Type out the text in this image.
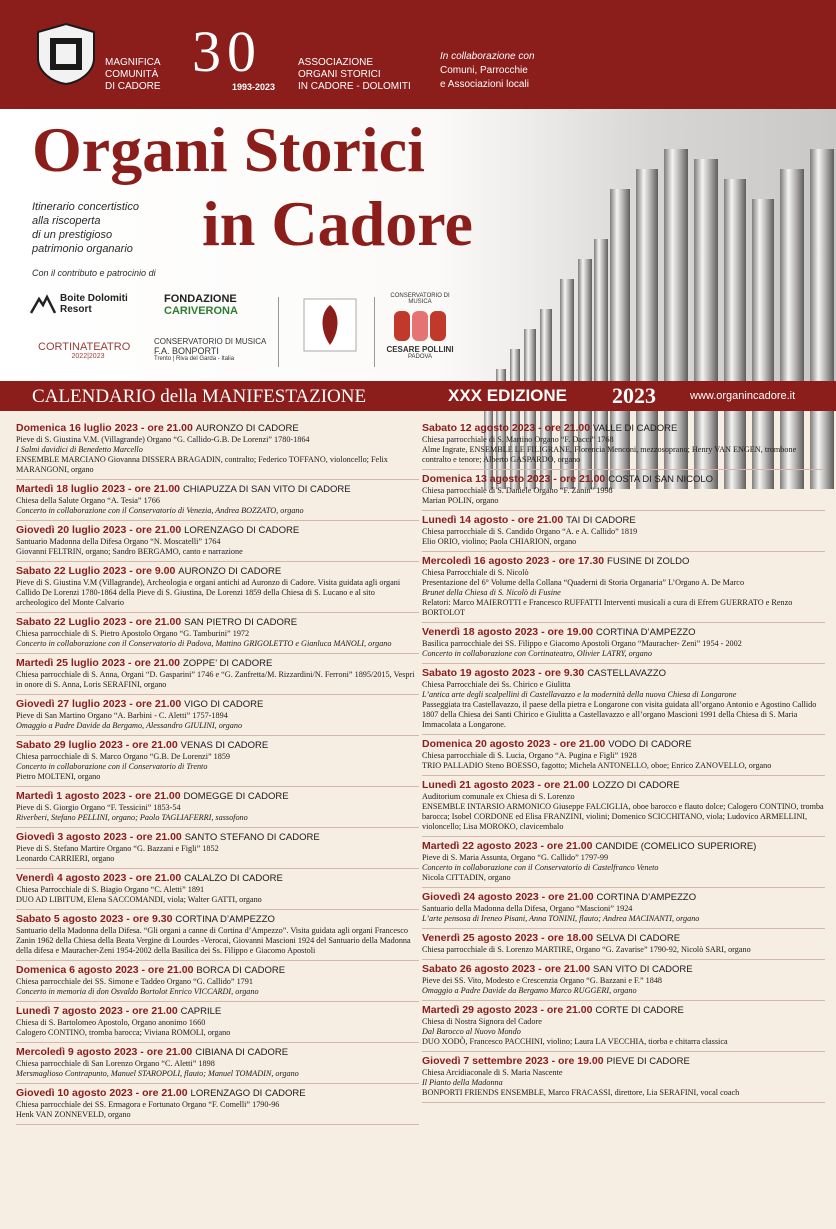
MAGNIFICA
COMUNITÀ
DI CADORE
30
1993-2023
ASSOCIAZIONE
ORGANI STORICI
IN CADORE - DOLOMITI
In collaborazione con
Comuni, Parrocchie
e Associazioni locali
Organi Storici
in Cadore
Itinerario concertistico
alla riscoperta
di un prestigioso
patrimonio organario
Con il contributo e patrocinio di
Boite Dolomiti
Resort
FONDAZIONE
CARIVERONA
CONSERVATORIO DI MUSICA
CESARE POLLINI
PADOVA
CORTINATEATRO
2022|2023
CONSERVATORIO DI MUSICA
F.A. BONPORTI
Trento | Riva del Garda - Italia
CALENDARIO della MANIFESTAZIONE	XXX EDIZIONE 2023	www.organincadore.it
Domenica 16 luglio 2023 - ore 21.00 AURONZO DI CADORE
Pieve di S. Giustina V.M. (Villagrande) Organo “G. Callido-G.B. De Lorenzi” 1780-1864
I Salmi davidici di Benedetto Marcello
ENSEMBLE MARCIANO Giovanna DISSERA BRAGADIN, contralto; Federico TOFFANO, violoncello; Felix MARANGONI, organo
Martedì 18 luglio 2023 - ore 21.00 CHIAPUZZA DI SAN VITO DI CADORE
Chiesa della Salute Organo “A. Tesia” 1766
Concerto in collaborazione con il Conservatorio di Venezia, Andrea BOZZATO, organo
Giovedì 20 luglio 2023 - ore 21.00 LORENZAGO DI CADORE
Santuario Madonna della Difesa Organo “N. Moscatelli” 1764
Giovanni FELTRIN, organo; Sandro BERGAMO, canto e narrazione
Sabato 22 Luglio 2023 - ore 9.00 AURONZO DI CADORE
Pieve di S. Giustina V.M (Villagrande), Archeologia e organi antichi ad Auronzo di Cadore. Visita guidata agli organi Callido De Lorenzi 1780-1864 della Pieve di S. Giustina, De Lorenzi 1859 della Chiesa di S. Lucano e al sito archeologico del Monte Calvario
Sabato 22 Luglio 2023 - ore 21.00 SAN PIETRO DI CADORE
Chiesa parrocchiale di S. Pietro Apostolo Organo “G. Tamburini” 1972
Concerto in collaborazione con il Conservatorio di Padova, Mattino GRIGOLETTO e Gianluca MANOLI, organo
Martedì 25 luglio 2023 - ore 21.00 ZOPPE’ DI CADORE
Chiesa parrocchiale di S. Anna, Organi “D. Gasparini” 1746 e “G. Zanfretta/M. Rizzardini/N. Ferroni” 1895/2015, Vespri in onore di S. Anna, Loris SERAFINI, organo
Giovedì 27 luglio 2023 - ore 21.00 VIGO DI CADORE
Pieve di San Martino Organo “A. Barbini - C. Aletti” 1757-1894
Omaggio a Padre Davide da Bergamo, Alessandro GIULINI, organo
Sabato 29 luglio 2023 - ore 21.00 VENAS DI CADORE
Chiesa parrocchiale di S. Marco Organo “G.B. De Lorenzi” 1859
Concerto in collaborazione con il Conservatorio di Trento
Pietro MOLTENI, organo
Martedì 1 agosto 2023 - ore 21.00 DOMEGGE DI CADORE
Pieve di S. Giorgio Organo “F. Tessicini” 1853-54
Riverberi, Stefano PELLINI, organo; Paolo TAGLIAFERRI, sassofono
Giovedì 3 agosto 2023 - ore 21.00 SANTO STEFANO DI CADORE
Pieve di S. Stefano Martire Organo “G. Bazzani e Figli” 1852
Leonardo CARRIERI, organo
Venerdì 4 agosto 2023 - ore 21.00 CALALZO DI CADORE
Chiesa Parrocchiale di S. Biagio Organo “C. Aletti” 1891
DUO AD LIBITUM, Elena SACCOMANDI, viola; Walter GATTI, organo
Sabato 5 agosto 2023 - ore 9.30 CORTINA D’AMPEZZO
Santuario della Madonna della Difesa. “Gli organi a canne di Cortina d’Ampezzo”. Visita guidata agli organi Francesco Zanin 1962 della Chiesa della Beata Vergine di Lourdes -Verocai, Giovanni Mascioni 1924 del Santuario della Madonna della difesa e Mauracher-Zeni 1954-2002 della Basilica dei Ss. Filippo e Giacomo Apostoli
Domenica 6 agosto 2023 - ore 21.00 BORCA DI CADORE
Chiesa parrocchiale dei SS. Simone e Taddeo Organo “G. Callido” 1791
Concerto in memoria di don Osvaldo Bortolot Enrico VICCARDI, organo
Lunedì 7 agosto 2023 - ore 21.00 CAPRILE
Chiesa di S. Bartolomeo Apostolo, Organo anonimo 1660
Calogero CONTINO, tromba barocca; Viviana ROMOLI, organo
Mercoledì 9 agosto 2023 - ore 21.00 CIBIANA DI CADORE
Chiesa parrocchiale di San Lorenzo Organo “C. Aletti” 1898
Mersmaglioso Contrapunto, Manuel STAROPOLI, flauto; Manuel TOMADIN, organo
Giovedì 10 agosto 2023 - ore 21.00 LORENZAGO DI CADORE
Chiesa parrocchiale dei SS. Ermagora e Fortunato Organo “F. Comelli” 1790-96
Henk VAN ZONNEVELD, organo
Sabato 12 agosto 2023 - ore 21.00 VALLE DI CADORE
Chiesa parrocchiale di S. Martino Organo “F. Dacci” 1768
Alme Ingrate, ENSEMBLE LE FILIGRANE, Florencia Menconi, mezzosoprano; Henry VAN ENGEN, trombone contralto e tenore; Alberto GASPARDO, organo
Domenica 13 agosto 2023 - ore 21.00 COSTA DI SAN NICOLO
Chiesa parrocchiale di S. Daniele Organo “F. Zanin” 1998
Marian POLIN, organo
Lunedì 14 agosto - ore 21.00 TAI DI CADORE
Chiesa parrocchiale di S. Candido Organo “A. e A. Callido” 1819
Elio ORIO, violino; Paola CHIARION, organo
Mercoledì 16 agosto 2023 - ore 17.30 FUSINE DI ZOLDO
Chiesa Parrocchiale di S. Nicolò
Presentazione del 6° Volume della Collana “Quaderni di Storia Organaria” L’Organo A. De Marco
Brunet della Chiesa di S. Nicolò di Fusine
Relatori: Marco MAIEROTTI e Francesco RUFFATTI Interventi musicali a cura di Efrem GUERRATO e Renzo BORTOLOT
Venerdì 18 agosto 2023 - ore 19.00 CORTINA D’AMPEZZO
Basilica parrocchiale dei SS. Filippo e Giacomo Apostoli Organo “Mauracher- Zeni” 1954 - 2002
Concerto in collaborazione con Cortinateatro, Olivier LATRY, organo
Sabato 19 agosto 2023 - ore 9.30 CASTELLAVAZZO
Chiesa Parrocchiale dei Ss. Chirico e Giulitta
L’antica arte degli scalpellini di Castellavazzo e la modernità della nuova Chiesa di Longarone
Passeggiata tra Castellavazzo, il paese della pietra e Longarone con visita guidata all’organo Antonio e Agostino Callido 1807 della Chiesa dei Santi Chirico e Giulitta a Castellavazzo e all’organo Mascioni 1991 della Chiesa di S. Maria Immacolata a Longarone.
Domenica 20 agosto 2023 - ore 21.00 VODO DI CADORE
Chiesa parrocchiale di S. Lucia, Organo “A. Pugina e Figli” 1928
TRIO PALLADIO Steno BOESSO, fagotto; Michela ANTONELLO, oboe; Enrico ZANOVELLO, organo
Lunedì 21 agosto 2023 - ore 21.00 LOZZO DI CADORE
Auditorium comunale ex Chiesa di S. Lorenzo
ENSEMBLE INTARSIO ARMONICO Giuseppe FALCIGLIA, oboe barocco e flauto dolce; Calogero CONTINO, tromba barocca; Isobel CORDONE ed Elisa FRANZINI, violini; Domenico SCICCHITANO, viola; Ludovico ARMELLINI, violoncello; Lisa MOROKO, clavicembalo
Martedì 22 agosto 2023 - ore 21.00 CANDIDE (COMELICO SUPERIORE)
Pieve di S. Maria Assunta, Organo “G. Callido” 1797-99
Concerto in collaborazione con il Conservatorio di Castelfranco Veneto
Nicola CITTADIN, organo
Giovedì 24 agosto 2023 - ore 21.00 CORTINA D’AMPEZZO
Santuario della Madonna della Difesa, Organo “Mascioni” 1924
L’arte pensosa di Ireneo Pisani, Anna TONINI, flauto; Andrea MACINANTI, organo
Venerdì 25 agosto 2023 - ore 18.00 SELVA DI CADORE
Chiesa parrocchiale di S. Lorenzo MARTIRE, Organo “G. Zavarise” 1790-92, Nicolò SARI, organo
Sabato 26 agosto 2023 - ore 21.00 SAN VITO DI CADORE
Pieve dei SS. Vito, Modesto e Crescenzia Organo “G. Bazzani e F.” 1848
Omaggio a Padre Davide da Bergamo Marco RUGGERI, organo
Martedì 29 agosto 2023 - ore 21.00 CORTE DI CADORE
Chiesa di Nostra Signora del Cadore
Dal Barocco al Nuovo Mondo
DUO XODÒ, Francesco PACCHINI, violino; Laura LA VECCHIA, tiorba e chitarra classica
Giovedì 7 settembre 2023 - ore 19.00 PIEVE DI CADORE
Chiesa Arcidiaconale di S. Maria Nascente
Il Pianto della Madonna
BONPORTI FRIENDS ENSEMBLE, Marco FRACASSI, direttore, Lia SERAFINI, vocal coach
